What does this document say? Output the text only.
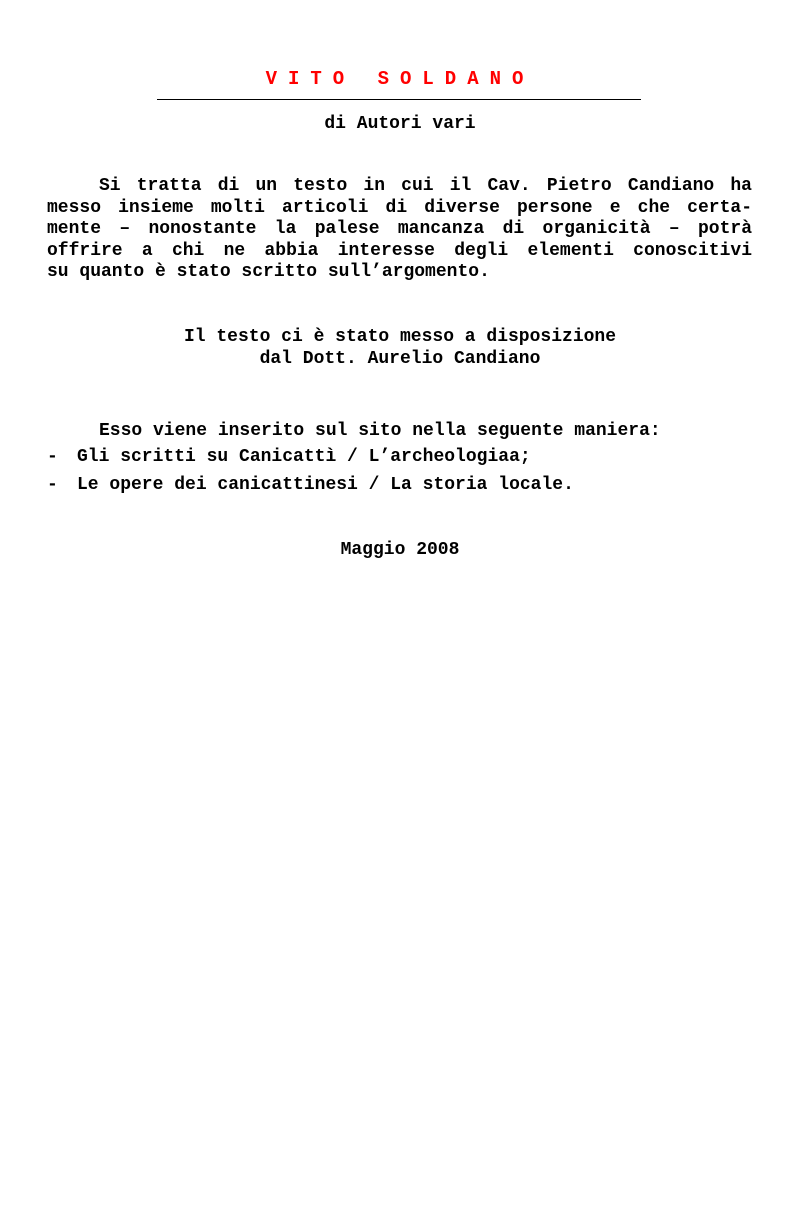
VITO SOLDANO
di Autori vari
Si tratta di un testo in cui il Cav. Pietro Candiano ha
messo insieme molti articoli di diverse persone e che certa-
mente – nonostante la palese mancanza di organicità – potrà
offrire a chi ne abbia interesse degli elementi conoscitivi
su quanto è stato scritto sull’argomento.
Il testo ci è stato messo a disposizione
dal Dott. Aurelio Candiano
Esso viene inserito sul sito nella seguente maniera:
- Gli scritti su Canicattì / L’archeologiaa;
- Le opere dei canicattinesi / La storia locale.
Maggio 2008
